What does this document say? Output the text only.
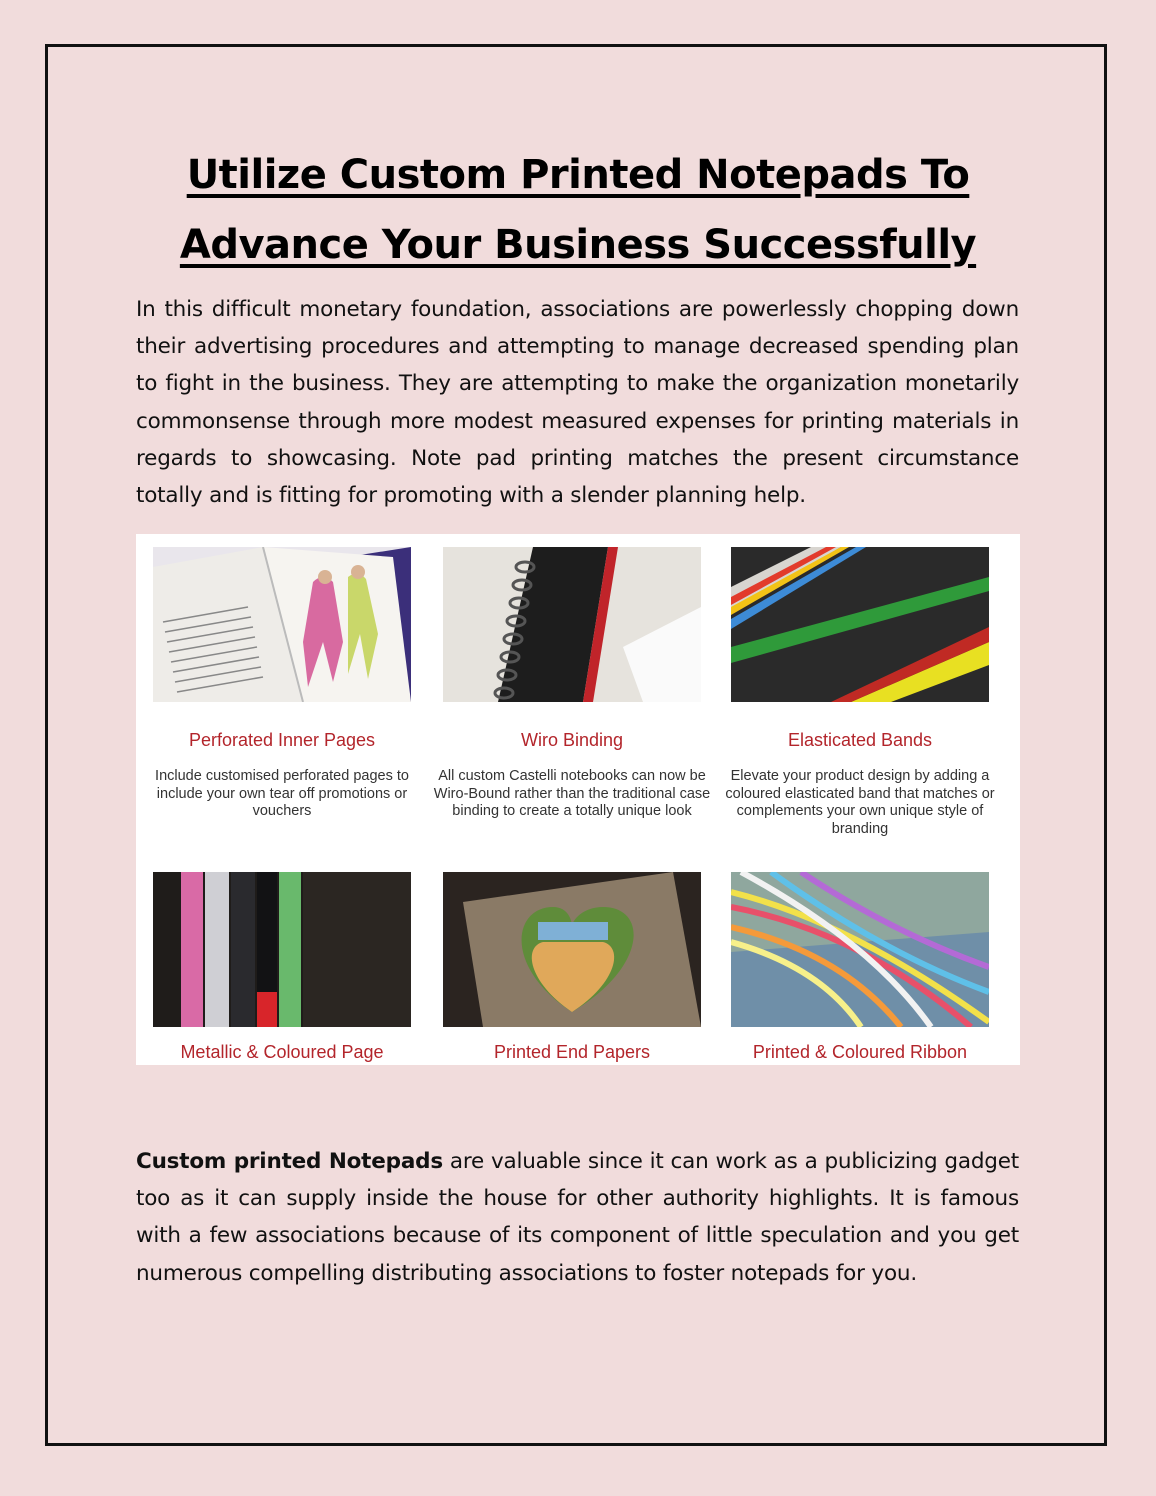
Utilize Custom Printed Notepads To
Advance Your Business Successfully

In this difficult monetary foundation, associations are powerlessly chopping down their advertising procedures and attempting to manage decreased spending plan to fight in the business. They are attempting to make the organization monetarily commonsense through more modest measured expenses for printing materials in regards to showcasing. Note pad printing matches the present circumstance totally and is fitting for promoting with a slender planning help.

Perforated Inner Pages
Include customised perforated pages to include your own tear off promotions or vouchers
Wiro Binding
All custom Castelli notebooks can now be Wiro-Bound rather than the traditional case binding to create a totally unique look
Elasticated Bands
Elevate your product design by adding a coloured elasticated band that matches or complements your own unique style of branding
Metallic & Coloured Page	Printed End Papers	Printed & Coloured Ribbon

Custom printed Notepads are valuable since it can work as a publicizing gadget too as it can supply inside the house for other authority highlights. It is famous with a few associations because of its component of little speculation and you get numerous compelling distributing associations to foster notepads for you.
